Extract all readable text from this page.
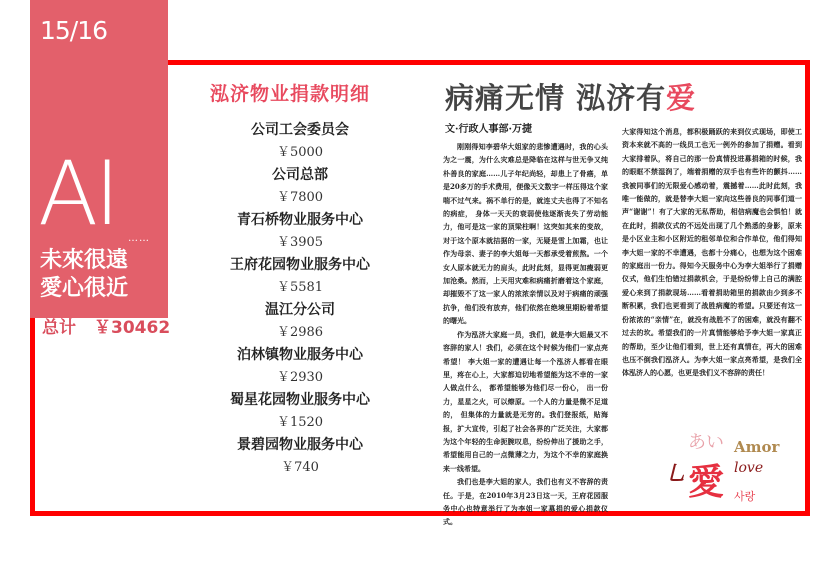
15/16
AI ……
未來很遠
愛心很近
总计 ￥30462
泓济物业捐款明细
公司工会委员会
￥5000
公司总部
￥7800
青石桥物业服务中心
￥3905
王府花园物业服务中心
￥5581
温江分公司
￥2986
泊林镇物业服务中心
￥2930
蜀星花园物业服务中心
￥1520
景碧园物业服务中心
￥740
病痛无情 泓济有爱
文·行政人事部·万捷

刚刚得知李碧华大姐家的悲惨遭遇时，我的心头为之一震，为什么灾难总是降临在这样与世无争又纯朴善良的家庭……儿子年纪尚轻，却患上了骨癌，单是20多万的手术费用，便像天文数字一样压得这个家喘不过气来。祸不单行的是，就连丈夫也得了不知名的病症， 身体一天天的衰弱使他逐渐丧失了劳动能力，他可是这一家的顶梁柱啊！这突如其来的变故，对于这个原本就拮据的一家，无疑是雪上加霜，也让作为母亲、妻子的李大姐每一天都承受着煎熬。一个女人原本就无力的肩头，此时此刻，显得更加瘦弱更加沧桑。然而，上天用灾难和病痛折磨着这个家庭，却摧毁不了这一家人的浓浓亲情以及对于病痛的顽强抗争，他们没有放弃，他们依然在绝境里期盼着希望的曙光。

作为泓济大家庭一员，我们，就是李大姐最又不容辞的家人！我们，必须在这个时候为他们一家点亮希望！ 李大姐一家的遭遇让每一个泓济人都看在眼里，疼在心上，大家都迫切地希望能为这不幸的一家人做点什么， 都希望能够为他们尽一份心， 出一份力，星星之火，可以燎原。一个人的力量是微不足道的， 但集体的力量就是无穷的。我们登报纸，贴海报，扩大宣传，引起了社会各界的广泛关注，大家都为这个年轻的生命扼腕叹息，纷纷伸出了援助之手，希望能用自己的一点微薄之力，为这个不幸的家庭换来一线希望。

我们也是李大姐的家人，我们也有义不容辞的责任。于是，在2010年3月23日这一天，王府花园服务中心也特意举行了为李姐一家募捐的爱心捐款仪式。

大家得知这个消息，都积极踊跃的来到仪式现场，即使工资本来就不高的一线员工也无一例外的参加了捐赠。看到大家排着队，将自己的那一份真情投进募捐箱的时候，我的眼眶不禁湿润了，端着捐赠的双手也有些许的颤抖……我被同事们的无限爱心感动着，震撼着……此时此刻，我唯一能做的，就是替李大姐一家向这些善良的同事们道一声“谢谢”！有了大家的无私帮助，相信病魔也会惧怕！就在此时，捐款仪式的不远处出现了几个熟悉的身影，原来是小区业主和小区附近的租邻单位和合作单位，他们得知李大姐一家的不幸遭遇，也都十分痛心，也想为这个困难的家庭出一份力。得知今天服务中心为李大姐举行了捐赠仪式，他们生怕错过捐款机会，于是纷纷带上自己的满腔爱心来到了捐款现场……看着捐助箱里的捐款由少到多不断积累，我们也更看到了战胜病魔的希望。只要还有这一份浓浓的“亲情”在，就没有战胜不了的困难，就没有翻不过去的坎。希望我们的一片真情能够给予李大姐一家真正的帮助，至少让他们看到，世上还有真情在，再大的困难也压不倒我们泓济人。为李大姐一家点亮希望，是我们全体泓济人的心愿，也更是我们义不容辞的责任！

あい Amor
乚 愛 love
사랑
